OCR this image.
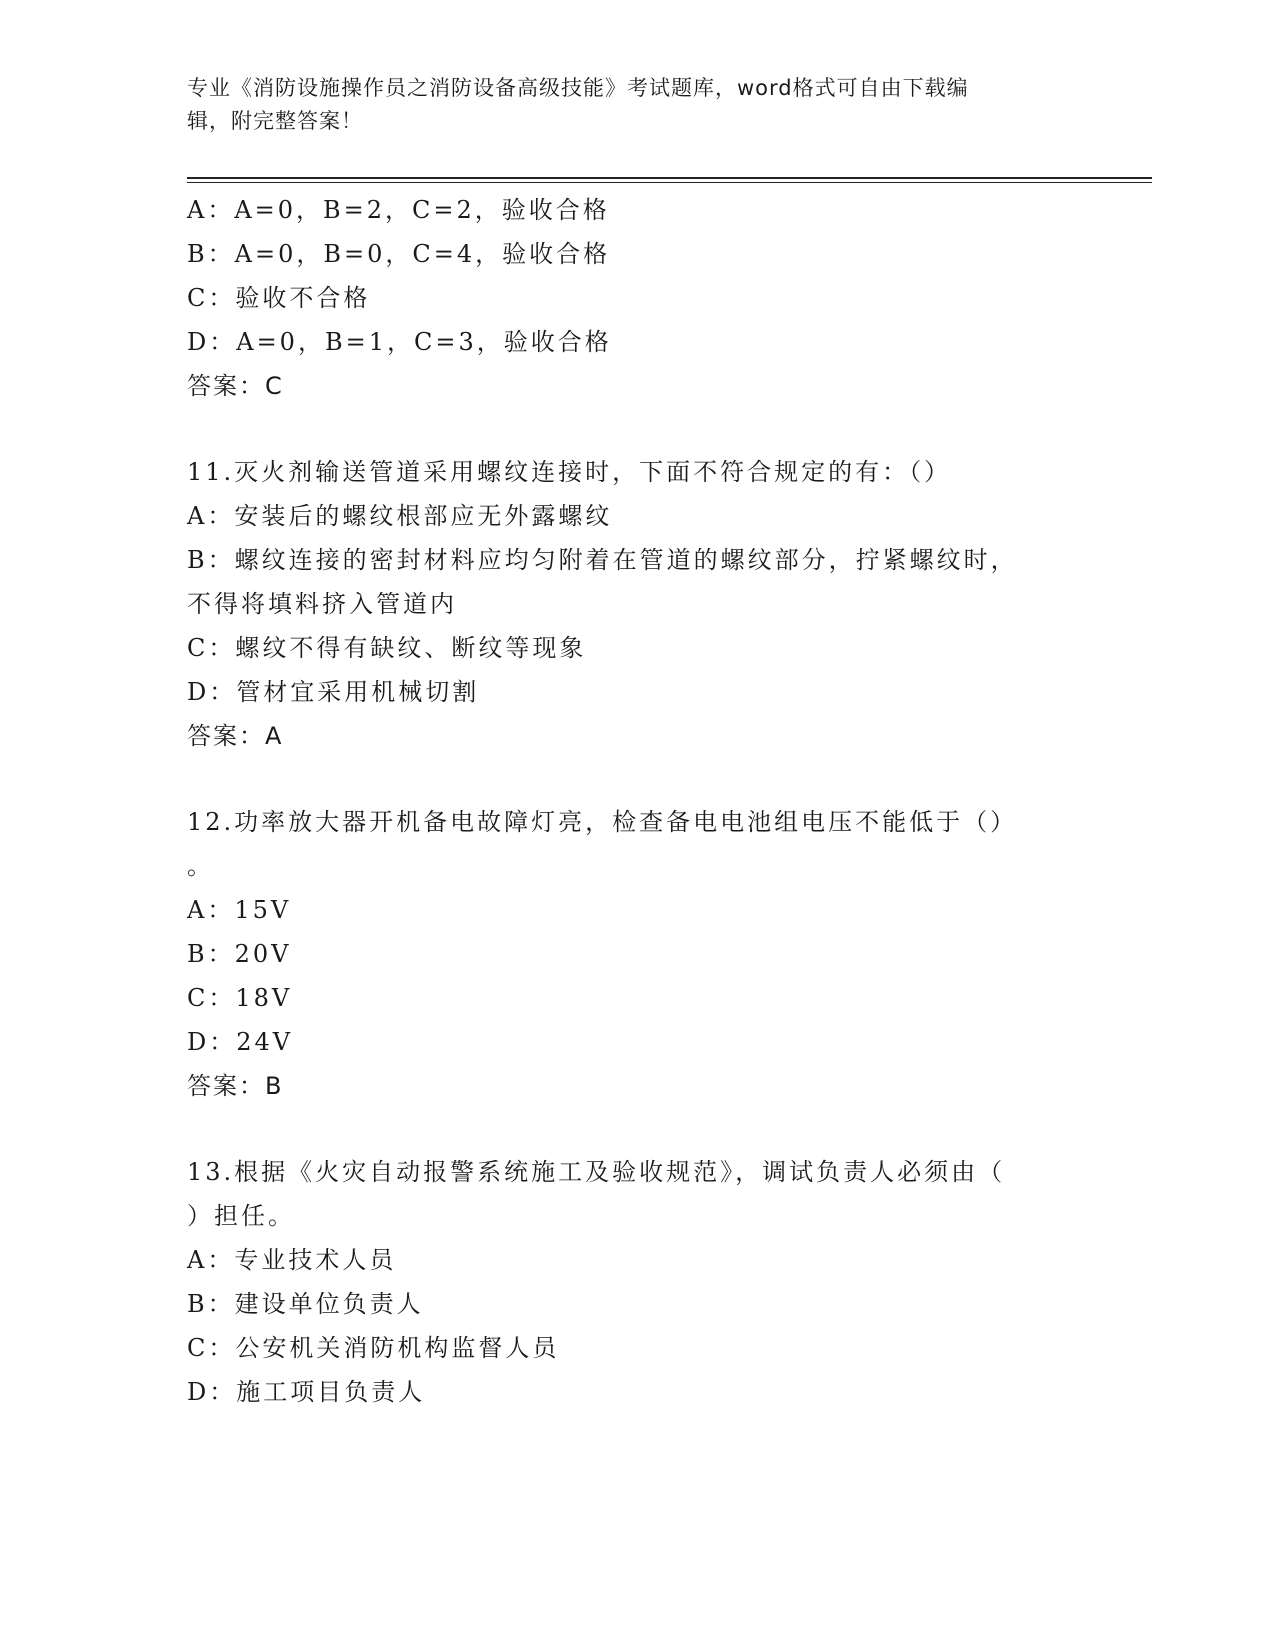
专业《消防设施操作员之消防设备高级技能》考试题库，word格式可自由下载编
辑，附完整答案！
A：A=0，B=2，C=2，验收合格
B：A=0，B=0，C=4，验收合格
C：验收不合格
D：A=0，B=1，C=3，验收合格
答案：C
11.灭火剂输送管道采用螺纹连接时，下面不符合规定的有：（）
A：安装后的螺纹根部应无外露螺纹
B：螺纹连接的密封材料应均匀附着在管道的螺纹部分，拧紧螺纹时，
不得将填料挤入管道内
C：螺纹不得有缺纹、断纹等现象
D：管材宜采用机械切割
答案：A
12.功率放大器开机备电故障灯亮，检查备电电池组电压不能低于（）
。
A：15V
B：20V
C：18V
D：24V
答案：B
13.根据《火灾自动报警系统施工及验收规范》，调试负责人必须由（
）担任。
A：专业技术人员
B：建设单位负责人
C：公安机关消防机构监督人员
D：施工项目负责人
